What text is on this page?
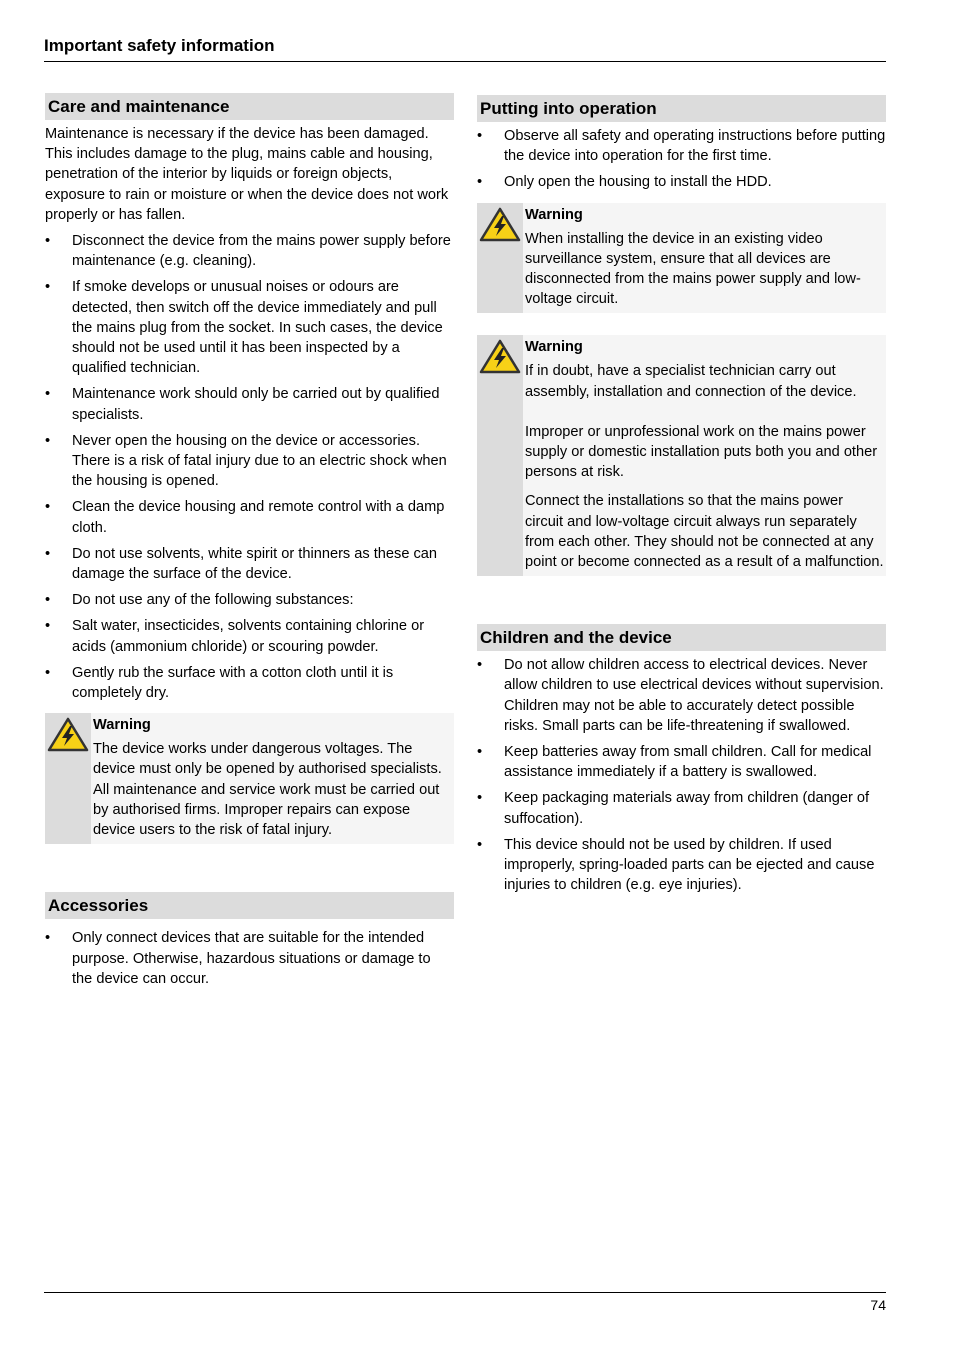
Important safety information
Care and maintenance

Maintenance is necessary if the device has been damaged. This includes damage to the plug, mains cable and housing, penetration of the interior by liquids or foreign objects, exposure to rain or moisture or when the device does not work properly or has fallen.

•	Disconnect the device from the mains power supply before maintenance (e.g. cleaning).
•	If smoke develops or unusual noises or odours are detected, then switch off the device immediately and pull the mains plug from the socket. In such cases, the device should not be used until it has been inspected by a qualified technician.
•	Maintenance work should only be carried out by qualified specialists.
•	Never open the housing on the device or accessories. There is a risk of fatal injury due to an electric shock when the housing is opened.
•	Clean the device housing and remote control with a damp cloth.
•	Do not use solvents, white spirit or thinners as these can damage the surface of the device.
•	Do not use any of the following substances:
•	Salt water, insecticides, solvents containing chlorine or acids (ammonium chloride) or scouring powder.
•	Gently rub the surface with a cotton cloth until it is completely dry.
Warning

The device works under dangerous voltages. The device must only be opened by authorised specialists. All maintenance and service work must be carried out by authorised firms. Improper repairs can expose device users to the risk of fatal injury.

Accessories
•	Only connect devices that are suitable for the intended purpose. Otherwise, hazardous situations or damage to the device can occur.
Putting into operation
•	Observe all safety and operating instructions before putting the device into operation for the first time.
•	Only open the housing to install the HDD.
Warning

When installing the device in an existing video surveillance system, ensure that all devices are disconnected from the mains power supply and low-voltage circuit.

Warning

If in doubt, have a specialist technician carry out assembly, installation and connection of the device.

Improper or unprofessional work on the mains power supply or domestic installation puts both you and other persons at risk.

Connect the installations so that the mains power circuit and low-voltage circuit always run separately from each other. They should not be connected at any point or become connected as a result of a malfunction.

Children and the device
•	Do not allow children access to electrical devices. Never allow children to use electrical devices without supervision. Children may not be able to accurately detect possible risks. Small parts can be life-threatening if swallowed.
•	Keep batteries away from small children. Call for medical assistance immediately if a battery is swallowed.
•	Keep packaging materials away from children (danger of suffocation).
•	This device should not be used by children. If used improperly, spring-loaded parts can be ejected and cause injuries to children (e.g. eye injuries).
74
